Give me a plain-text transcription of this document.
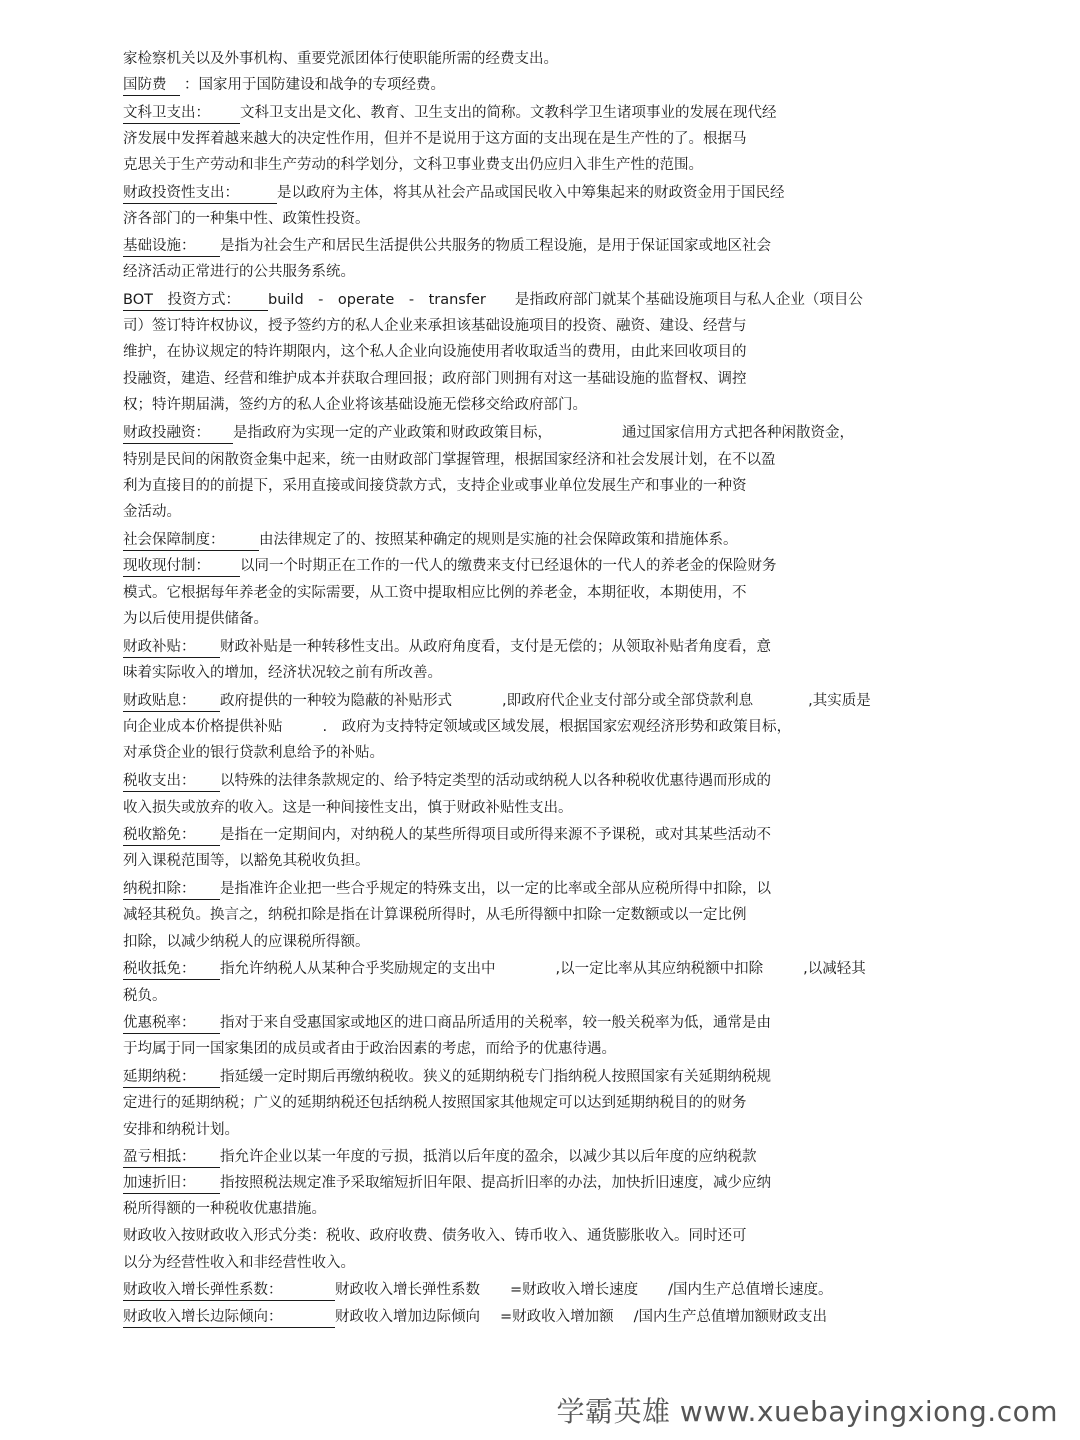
家检察机关以及外事机构、重要党派团体行使职能所需的经费支出。
国防费 ：国家用于国防建设和战争的专项经费。
文科卫支出： 文科卫支出是文化、教育、卫生支出的简称。文教科学卫生诸项事业的发展在现代经
济发展中发挥着越来越大的决定性作用，但并不是说用于这方面的支出现在是生产性的了。根据马
克思关于生产劳动和非生产劳动的科学划分，文科卫事业费支出仍应归入非生产性的范围。
财政投资性支出：	是以政府为主体，将其从社会产品或国民收入中筹集起来的财政资金用于国民经
济各部门的一种集中性、政策性投资。
基础设施： 是指为社会生产和居民生活提供公共服务的物质工程设施，是用于保证国家或地区社会
经济活动正常进行的公共服务系统。
BOT　投资方式： build　-　operate　-　transfer　　是指政府部门就某个基础设施项目与私人企业（项目公
司）签订特许权协议，授予签约方的私人企业来承担该基础设施项目的投资、融资、建设、经营与
维护，在协议规定的特许期限内，这个私人企业向设施使用者收取适当的费用，由此来回收项目的
投融资，建造、经营和维护成本并获取合理回报；政府部门则拥有对这一基础设施的监督权、调控
权；特许期届满，签约方的私人企业将该基础设施无偿移交给政府部门。
财政投融资： 是指政府为实现一定的产业政策和财政政策目标，	通过国家信用方式把各种闲散资金，
特别是民间的闲散资金集中起来，统一由财政部门掌握管理，根据国家经济和社会发展计划，在不以盈
利为直接目的的前提下，采用直接或间接贷款方式，支持企业或事业单位发展生产和事业的一种资
金活动。
社会保障制度： 由法律规定了的、按照某种确定的规则是实施的社会保障政策和措施体系。
现收现付制： 以同一个时期正在工作的一代人的缴费来支付已经退休的一代人的养老金的保险财务
模式。它根据每年养老金的实际需要，从工资中提取相应比例的养老金，本期征收，本期使用，不
为以后使用提供储备。
财政补贴： 财政补贴是一种转移性支出。从政府角度看，支付是无偿的；从领取补贴者角度看，意
味着实际收入的增加，经济状况较之前有所改善。
财政贴息： 政府提供的一种较为隐蔽的补贴形式	,即政府代企业支付部分或全部贷款利息	,其实质是
向企业成本价格提供补贴	.　政府为支持特定领域或区域发展，根据国家宏观经济形势和政策目标，
对承贷企业的银行贷款利息给予的补贴。
税收支出： 以特殊的法律条款规定的、给予特定类型的活动或纳税人以各种税收优惠待遇而形成的
收入损失或放弃的收入。这是一种间接性支出，慎于财政补贴性支出。
税收豁免： 是指在一定期间内，对纳税人的某些所得项目或所得来源不予课税，或对其某些活动不
列入课税范围等，以豁免其税收负担。
纳税扣除： 是指准许企业把一些合乎规定的特殊支出，以一定的比率或全部从应税所得中扣除，以
减轻其税负。换言之，纳税扣除是指在计算课税所得时，从毛所得额中扣除一定数额或以一定比例
扣除，以减少纳税人的应课税所得额。
税收抵免： 指允许纳税人从某种合乎奖励规定的支出中	,以一定比率从其应纳税额中扣除	,以减轻其
税负。
优惠税率： 指对于来自受惠国家或地区的进口商品所适用的关税率，较一般关税率为低，通常是由
于均属于同一国家集团的成员或者由于政治因素的考虑，而给予的优惠待遇。
延期纳税： 指延缓一定时期后再缴纳税收。狭义的延期纳税专门指纳税人按照国家有关延期纳税规
定进行的延期纳税；广义的延期纳税还包括纳税人按照国家其他规定可以达到延期纳税目的的财务
安排和纳税计划。
盈亏相抵： 指允许企业以某一年度的亏损，抵消以后年度的盈余，以减少其以后年度的应纳税款
加速折旧： 指按照税法规定准予采取缩短折旧年限、提高折旧率的办法，加快折旧速度，减少应纳
税所得额的一种税收优惠措施。
财政收入按财政收入形式分类：税收、政府收费、债务收入、铸币收入、通货膨胀收入。同时还可
以分为经营性收入和非经营性收入。
财政收入增长弹性系数：	财政收入增长弹性系数 =财政收入增长速度 /国内生产总值增长速度。
财政收入增长边际倾向：	财政收入增加边际倾向 =财政收入增加额 /国内生产总值增加额财政支出
学霸英雄 www.xuebayingxiong.com
